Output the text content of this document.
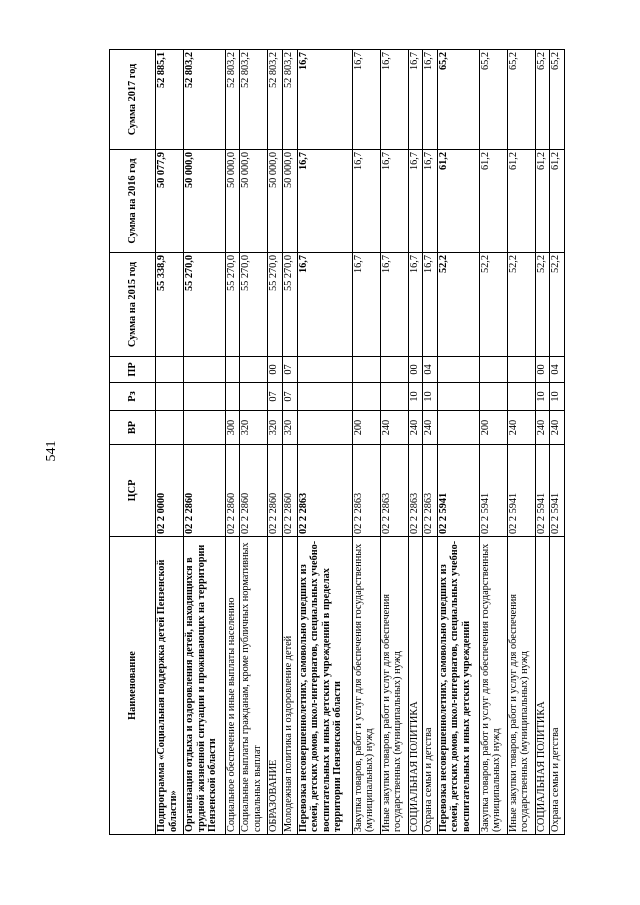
541
Наименование	ЦСР	ВР	Рз	ПР	Сумма на 2015 год	Сумма на 2016 год	Сумма 2017 год
Подпрограмма «Социальная поддержка детей Пензенской области»	02 2 0000				55 338,9	50 077,9	52 885,1
Организация отдыха и оздоровления детей, находящихся в трудной жизненной ситуации и проживающих на территории Пензенской области	02 2 2860				55 270,0	50 000,0	52 803,2
Социальное обеспечение и иные выплаты населению	02 2 2860	300			55 270,0	50 000,0	52 803,2
Социальные выплаты гражданам, кроме публичных нормативных социальных выплат	02 2 2860	320			55 270,0	50 000,0	52 803,2
ОБРАЗОВАНИЕ	02 2 2860	320	07	00	55 270,0	50 000,0	52 803,2
Молодежная политика и оздоровление детей	02 2 2860	320	07	07	55 270,0	50 000,0	52 803,2
Перевозка несовершеннолетних, самовольно ушедших из семей, детских домов, школ-интернатов, специальных учебно-воспитательных и иных детских учреждений в пределах территории Пензенской области	02 2 2863				16,7	16,7	16,7
Закупка товаров, работ и услуг для обеспечения государственных (муниципальных) нужд	02 2 2863	200			16,7	16,7	16,7
Иные закупки товаров, работ и услуг для обеспечения государственных (муниципальных) нужд	02 2 2863	240			16,7	16,7	16,7
СОЦИАЛЬНАЯ ПОЛИТИКА	02 2 2863	240	10	00	16,7	16,7	16,7
Охрана семьи и детства	02 2 2863	240	10	04	16,7	16,7	16,7
Перевозка несовершеннолетних, самовольно ушедших из семей, детских домов, школ-интернатов, специальных учебно-воспитательных и иных детских учреждений	02 2 5941				52,2	61,2	65,2
Закупка товаров, работ и услуг для обеспечения государственных (муниципальных) нужд	02 2 5941	200			52,2	61,2	65,2
Иные закупки товаров, работ и услуг для обеспечения государственных (муниципальных) нужд	02 2 5941	240			52,2	61,2	65,2
СОЦИАЛЬНАЯ ПОЛИТИКА	02 2 5941	240	10	00	52,2	61,2	65,2
Охрана семьи и детства	02 2 5941	240	10	04	52,2	61,2	65,2
